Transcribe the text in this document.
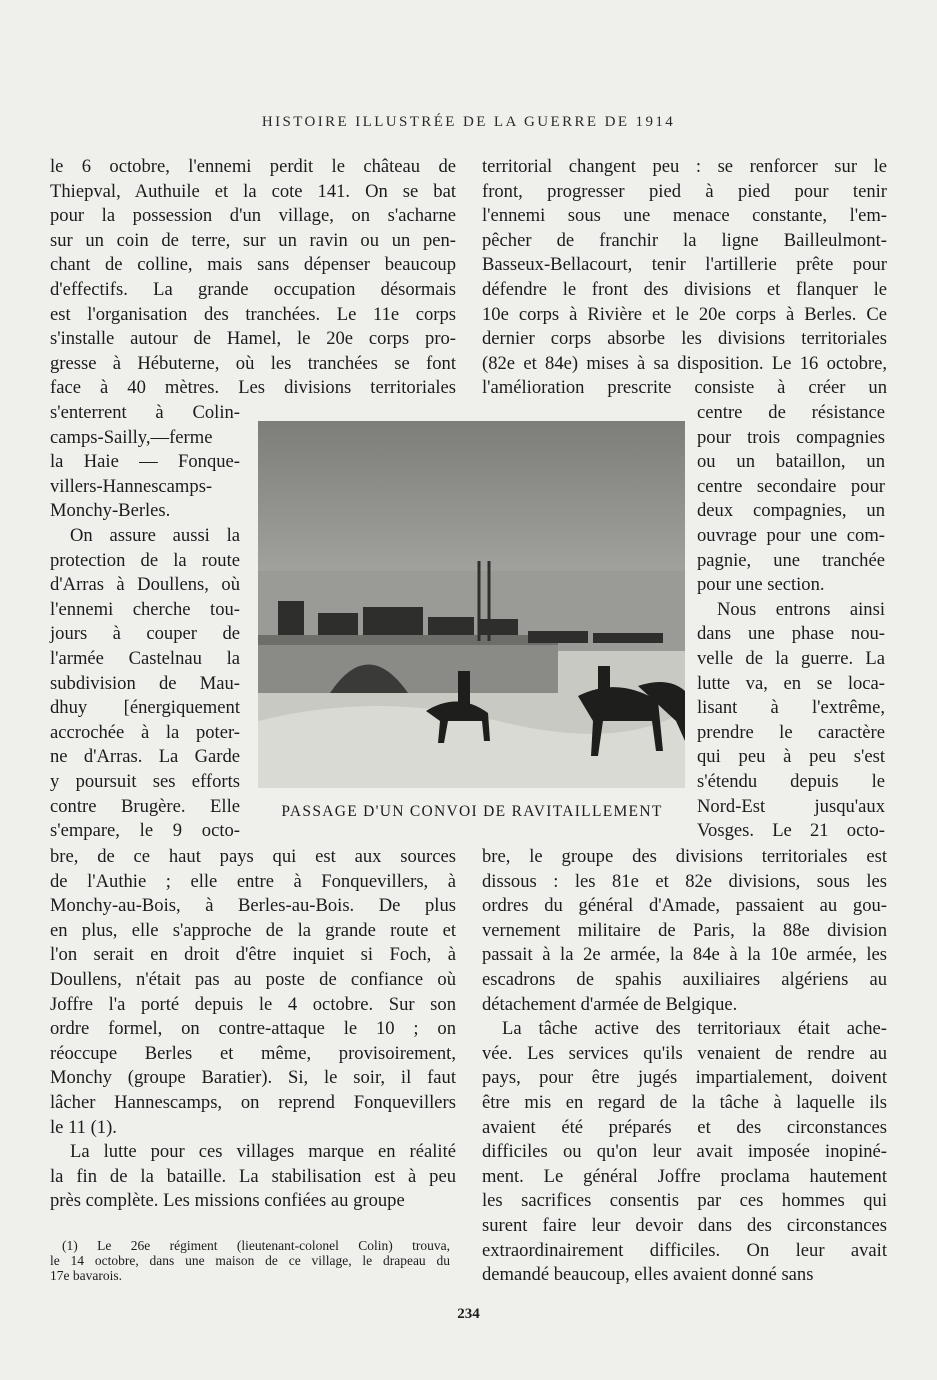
HISTOIRE ILLUSTRÉE DE LA GUERRE DE 1914
le 6 octobre, l'ennemi perdit le château de
Thiepval, Authuile et la cote 141. On se bat
pour la possession d'un village, on s'acharne
sur un coin de terre, sur un ravin ou un pen-
chant de colline, mais sans dépenser beaucoup
d'effectifs. La grande occupation désormais
est l'organisation des tranchées. Le 11e corps
s'installe autour de Hamel, le 20e corps pro-
gresse à Hébuterne, où les tranchées se font
face à 40 mètres. Les divisions territoriales
s'enterrent à Colin-
camps-Sailly,—ferme
la Haie — Fonque-
villers-Hannescamps-
Monchy-Berles.
On assure aussi la
protection de la route
d'Arras à Doullens, où
l'ennemi cherche tou-
jours à couper de
l'armée Castelnau la
subdivision de Mau-
dhuy [énergiquement
accrochée à la poter-
ne d'Arras. La Garde
y poursuit ses efforts
contre Brugère. Elle
s'empare, le 9 octo-
bre, de ce haut pays qui est aux sources
de l'Authie ; elle entre à Fonquevillers, à
Monchy-au-Bois, à Berles-au-Bois. De plus
en plus, elle s'approche de la grande route et
l'on serait en droit d'être inquiet si Foch, à
Doullens, n'était pas au poste de confiance où
Joffre l'a porté depuis le 4 octobre. Sur son
ordre formel, on contre-attaque le 10 ; on
réoccupe Berles et même, provisoirement,
Monchy (groupe Baratier). Si, le soir, il faut
lâcher Hannescamps, on reprend Fonquevillers
le 11 (1).
La lutte pour ces villages marque en réalité
la fin de la bataille. La stabilisation est à peu
près complète. Les missions confiées au groupe
territorial changent peu : se renforcer sur le
front, progresser pied à pied pour tenir
l'ennemi sous une menace constante, l'em-
pêcher de franchir la ligne Bailleulmont-
Basseux-Bellacourt, tenir l'artillerie prête pour
défendre le front des divisions et flanquer le
10e corps à Rivière et le 20e corps à Berles. Ce
dernier corps absorbe les divisions territoriales
(82e et 84e) mises à sa disposition. Le 16 octobre,
l'amélioration prescrite consiste à créer un
centre de résistance
pour trois compagnies
ou un bataillon, un
centre secondaire pour
deux compagnies, un
ouvrage pour une com-
pagnie, une tranchée
pour une section.
Nous entrons ainsi
dans une phase nou-
velle de la guerre. La
lutte va, en se loca-
lisant à l'extrême,
prendre le caractère
qui peu à peu s'est
s'étendu depuis le
Nord-Est jusqu'aux
Vosges. Le 21 octo-
bre, le groupe des divisions territoriales est
dissous : les 81e et 82e divisions, sous les
ordres du général d'Amade, passaient au gou-
vernement militaire de Paris, la 88e division
passait à la 2e armée, la 84e à la 10e armée, les
escadrons de spahis auxiliaires algériens au
détachement d'armée de Belgique.
La tâche active des territoriaux était ache-
vée. Les services qu'ils venaient de rendre au
pays, pour être jugés impartialement, doivent
être mis en regard de la tâche à laquelle ils
avaient été préparés et des circonstances
difficiles ou qu'on leur avait imposée inopiné-
ment. Le général Joffre proclama hautement
les sacrifices consentis par ces hommes qui
surent faire leur devoir dans des circonstances
extraordinairement difficiles. On leur avait
demandé beaucoup, elles avaient donné sans
PASSAGE D'UN CONVOI DE RAVITAILLEMENT
(1) Le 26e régiment (lieutenant-colonel Colin) trouva,
le 14 octobre, dans une maison de ce village, le drapeau du
17e bavarois.
234
